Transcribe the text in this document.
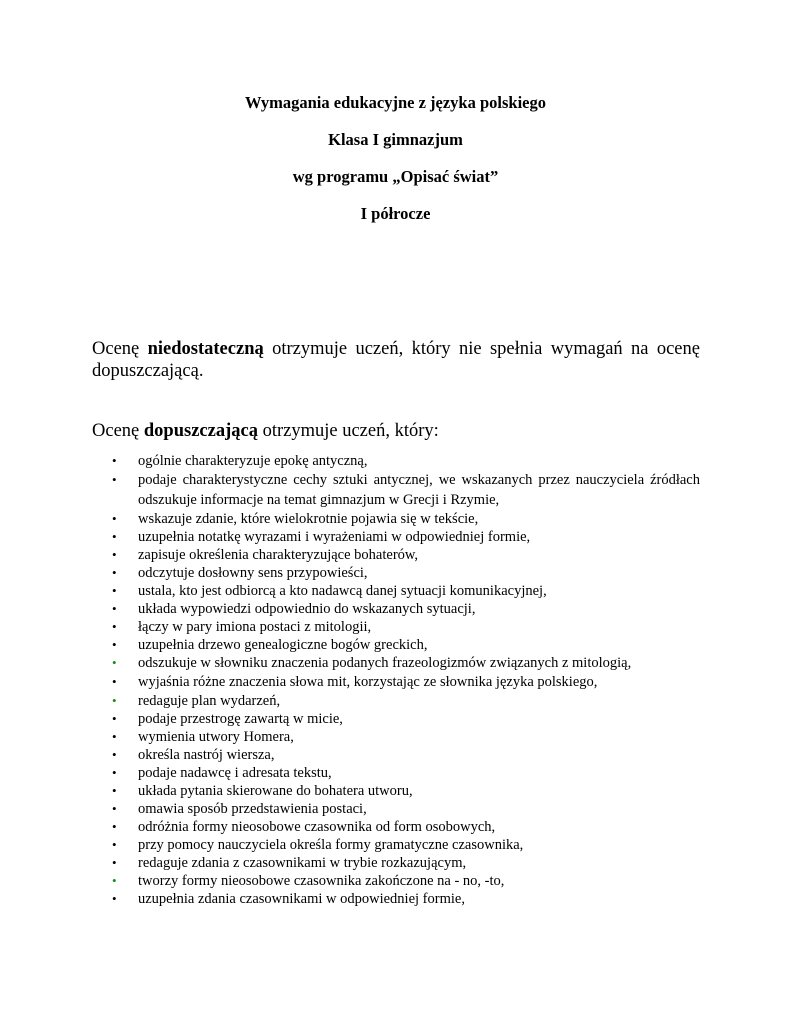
Wymagania edukacyjne z języka polskiego
Klasa I gimnazjum
wg programu „Opisać świat”
I półrocze
Ocenę niedostateczną otrzymuje uczeń, który nie spełnia wymagań na ocenę dopuszczającą.
Ocenę dopuszczającą otrzymuje uczeń, który:
• ogólnie charakteryzuje epokę antyczną,
• podaje charakterystyczne cechy sztuki antycznej, we wskazanych przez nauczyciela źródłach odszukuje informacje na temat gimnazjum w Grecji i Rzymie,
• wskazuje zdanie, które wielokrotnie pojawia się w tekście,
• uzupełnia notatkę wyrazami i wyrażeniami w odpowiedniej formie,
• zapisuje określenia charakteryzujące bohaterów,
• odczytuje dosłowny sens przypowieści,
• ustala, kto jest odbiorcą a kto nadawcą danej sytuacji komunikacyjnej,
• układa wypowiedzi odpowiednio do wskazanych sytuacji,
• łączy w pary imiona postaci z mitologii,
• uzupełnia drzewo genealogiczne bogów greckich,
• odszukuje w słowniku znaczenia podanych frazeologizmów związanych z mitologią,
• wyjaśnia różne znaczenia słowa mit, korzystając ze słownika języka polskiego,
• redaguje plan wydarzeń,
• podaje przestrogę zawartą w micie,
• wymienia utwory Homera,
• określa nastrój wiersza,
• podaje nadawcę i adresata tekstu,
• układa pytania skierowane do bohatera utworu,
• omawia sposób przedstawienia postaci,
• odróżnia formy nieosobowe czasownika od form osobowych,
• przy pomocy nauczyciela określa formy gramatyczne czasownika,
• redaguje zdania z czasownikami w trybie rozkazującym,
• tworzy formy nieosobowe czasownika zakończone na - no, -to,
• uzupełnia zdania czasownikami w odpowiedniej formie,
